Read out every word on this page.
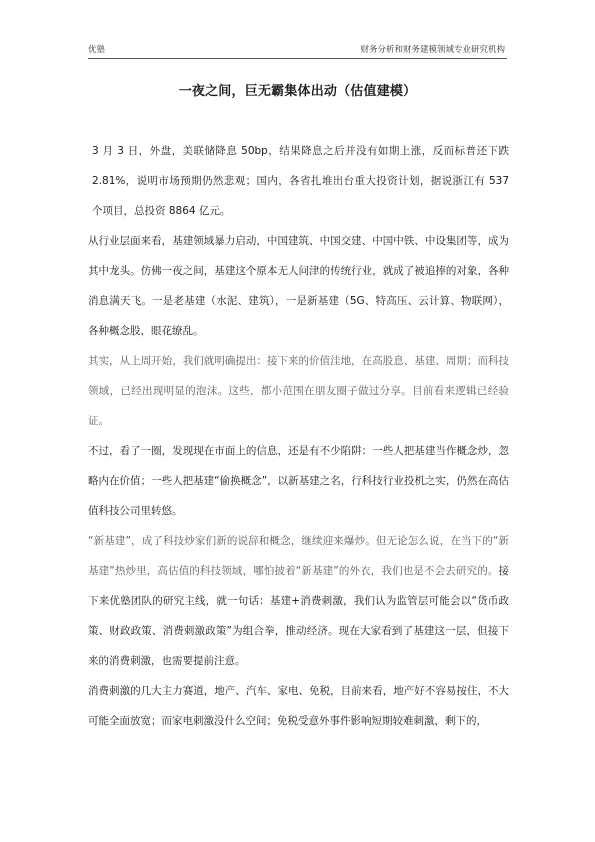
优塾	财务分析和财务建模领域专业研究机构
一夜之间，巨无霸集体出动（估值建模）

3 月 3 日，外盘，美联储降息 50bp，结果降息之后并没有如期上涨，反而标普还下跌 2.81%，说明市场预期仍然悲观；国内，各省扎堆出台重大投资计划，据说浙江有 537 个项目，总投资 8864 亿元。

从行业层面来看，基建领域暴力启动，中国建筑、中国交建、中国中铁、中设集团等，成为其中龙头。仿佛一夜之间，基建这个原本无人问津的传统行业，就成了被追捧的对象，各种消息满天飞。一是老基建（水泥、建筑），一是新基建（5G、特高压、云计算、物联网），各种概念股，眼花缭乱。

其实，从上周开始，我们就明确提出：接下来的价值洼地，在高股息、基建、周期；而科技领域，已经出现明显的泡沫。这些，都小范围在朋友圈子做过分享。目前看来逻辑已经验证。

不过，看了一圈，发现现在市面上的信息，还是有不少陷阱：一些人把基建当作概念炒，忽略内在价值；一些人把基建“偷换概念”，以新基建之名，行科技行业投机之实，仍然在高估值科技公司里转悠。

“新基建”，成了科技炒家们新的说辞和概念，继续迎来爆炒。但无论怎么说，在当下的“新基建”热炒里，高估值的科技领域，哪怕披着“新基建”的外衣，我们也是不会去研究的。接下来优塾团队的研究主线，就一句话：基建+消费刺激，我们认为监管层可能会以“货币政策、财政政策、消费刺激政策”为组合拳，推动经济。现在大家看到了基建这一层，但接下来的消费刺激，也需要提前注意。

消费刺激的几大主力赛道，地产、汽车、家电、免税，目前来看，地产好不容易按住，不大可能全面放宽；而家电刺激没什么空间；免税受意外事件影响短期较难刺激，剩下的，
